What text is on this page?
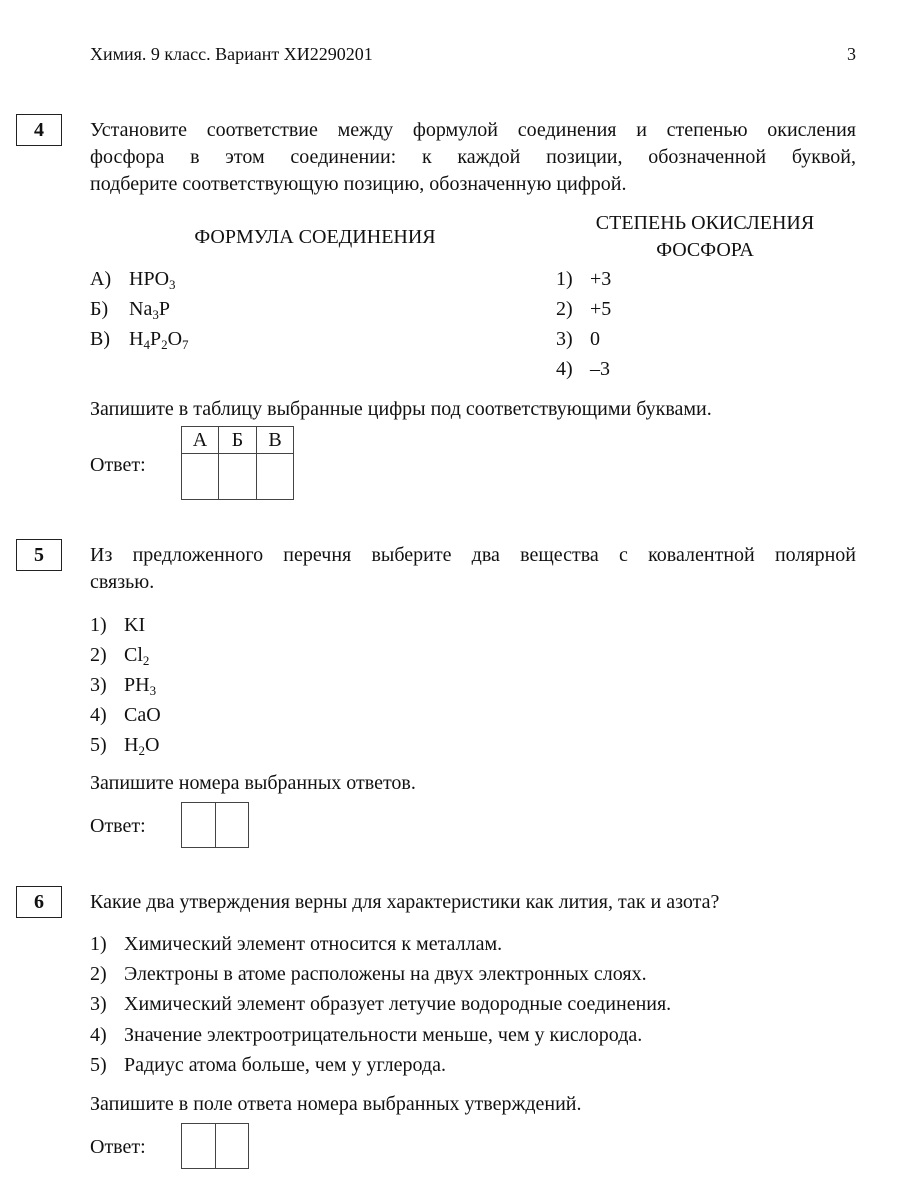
Химия. 9 класс. Вариант ХИ2290201	3
4 Установите соответствие между формулой соединения и степенью окисления
фосфора в этом соединении: к каждой позиции, обозначенной буквой,
подберите соответствующую позицию, обозначенную цифрой.
ФОРМУЛА СОЕДИНЕНИЯ
СТЕПЕНЬ ОКИСЛЕНИЯ
ФОСФОРА
А) $HPO_3$
Б) $Na_3P$
В) $H_4P_2O_7$
1) +3
2) +5
3) 0
4) –3
Запишите в таблицу выбранные цифры под соответствующими буквами.
Ответ:
А	Б	В

5 Из предложенного перечня выберите два вещества с ковалентной полярной
связью.
1) KI
2) $Cl_2$
3) $PH_3$
4) CaO
5) $H_2O$
Запишите номера выбранных ответов.
Ответ:

6 Какие два утверждения верны для характеристики как лития, так и азота?
1) Химический элемент относится к металлам.
2) Электроны в атоме расположены на двух электронных слоях.
3) Химический элемент образует летучие водородные соединения.
4) Значение электроотрицательности меньше, чем у кислорода.
5) Радиус атома больше, чем у углерода.
Запишите в поле ответа номера выбранных утверждений.
Ответ:
